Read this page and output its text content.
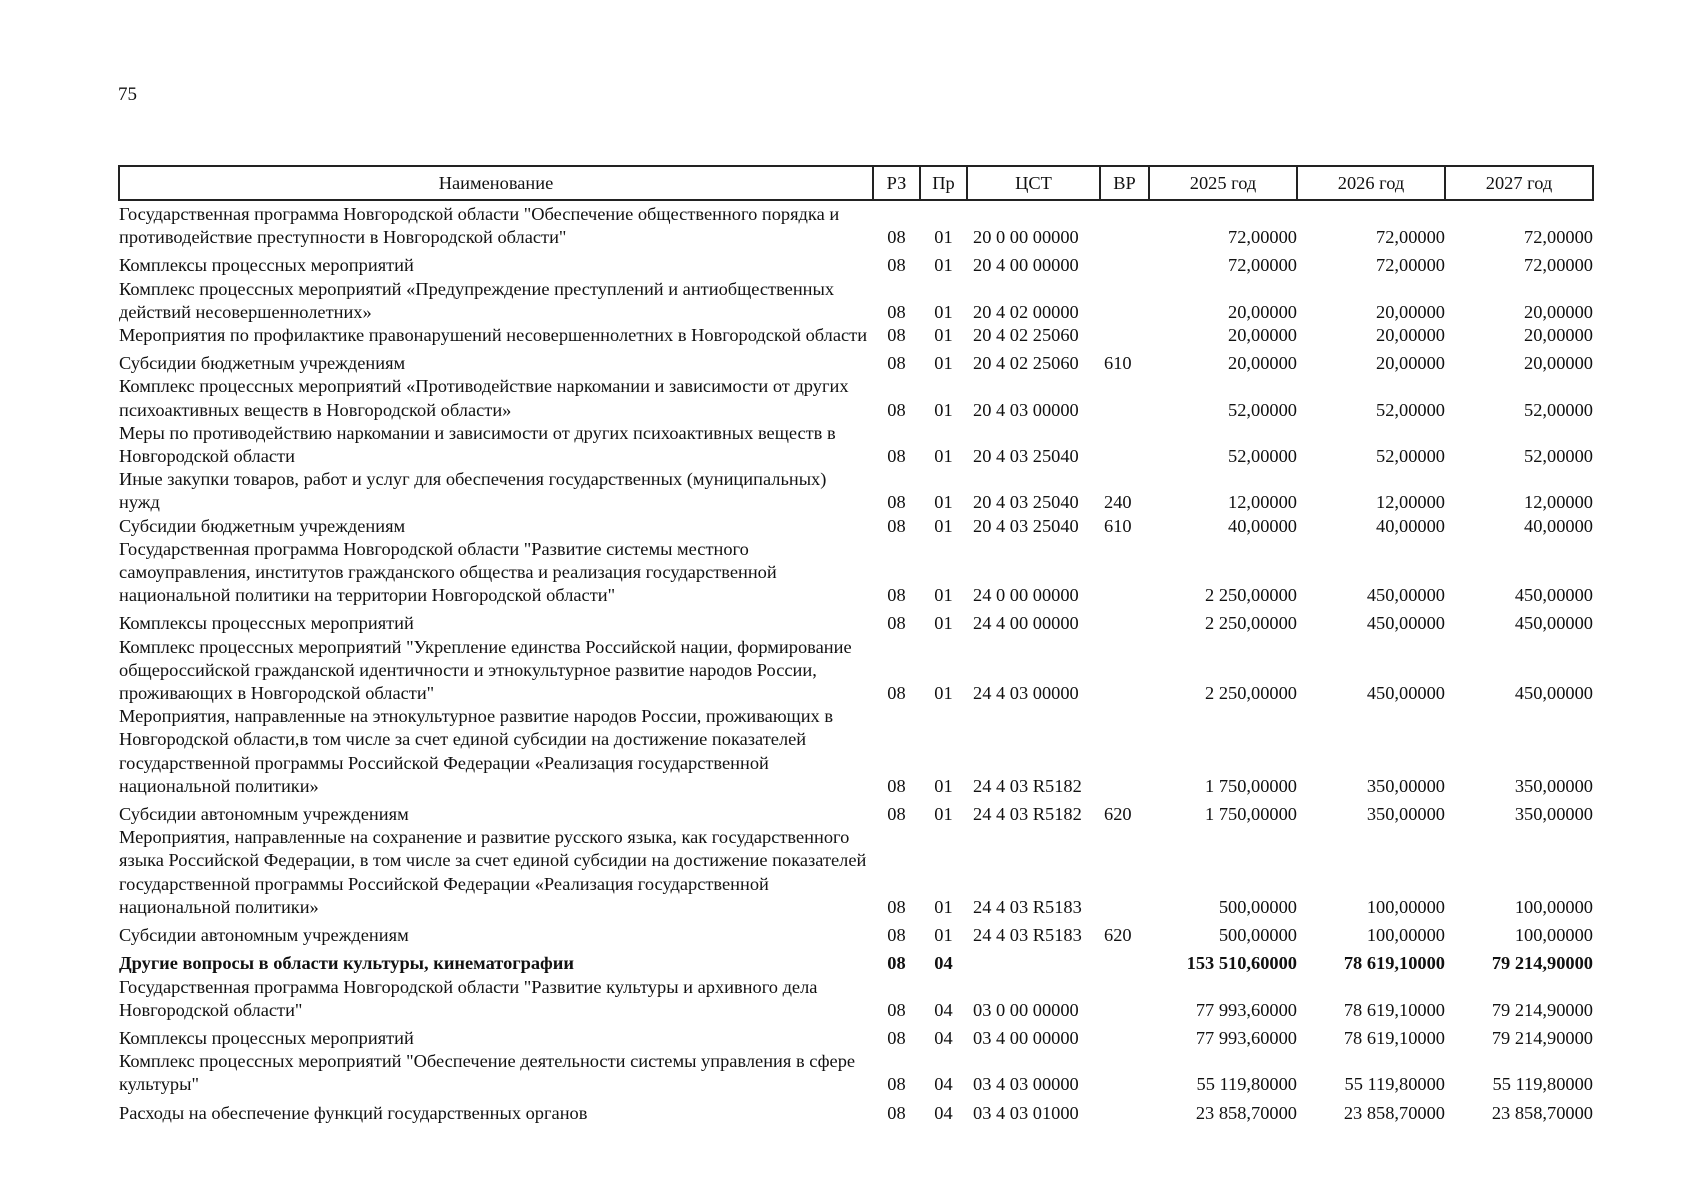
75
Наименование	РЗ	Пр	ЦСТ	ВР	2025 год	2026 год	2027 год
Государственная программа Новгородской области "Обеспечение общественного порядка и противодействие преступности в Новгородской области"	08	01	20 0 00 00000		72,00000	72,00000	72,00000
Комплексы процессных мероприятий	08	01	20 4 00 00000		72,00000	72,00000	72,00000
Комплекс процессных мероприятий «Предупреждение преступлений и антиобщественных действий несовершеннолетних»	08	01	20 4 02 00000		20,00000	20,00000	20,00000
Мероприятия по профилактике правонарушений несовершеннолетних в Новгородской области	08	01	20 4 02 25060		20,00000	20,00000	20,00000
Субсидии бюджетным учреждениям	08	01	20 4 02 25060	610	20,00000	20,00000	20,00000
Комплекс процессных мероприятий «Противодействие наркомании и зависимости от других психоактивных веществ в Новгородской области»	08	01	20 4 03 00000		52,00000	52,00000	52,00000
Меры по противодействию наркомании и зависимости от других психоактивных веществ в Новгородской области	08	01	20 4 03 25040		52,00000	52,00000	52,00000
Иные закупки товаров, работ и услуг для обеспечения государственных (муниципальных) нужд	08	01	20 4 03 25040	240	12,00000	12,00000	12,00000
Субсидии бюджетным учреждениям	08	01	20 4 03 25040	610	40,00000	40,00000	40,00000
Государственная программа Новгородской области "Развитие системы местного самоуправления, институтов гражданского общества и реализация государственной национальной политики на территории Новгородской области"	08	01	24 0 00 00000		2 250,00000	450,00000	450,00000
Комплексы процессных мероприятий	08	01	24 4 00 00000		2 250,00000	450,00000	450,00000
Комплекс процессных мероприятий "Укрепление единства Российской нации, формирование общероссийской гражданской идентичности и этнокультурное развитие народов России, проживающих в Новгородской области"	08	01	24 4 03 00000		2 250,00000	450,00000	450,00000
Мероприятия, направленные на этнокультурное развитие народов России, проживающих в Новгородской области,в том числе за счет единой субсидии на достижение показателей государственной программы Российской Федерации «Реализация государственной национальной политики»	08	01	24 4 03 R5182		1 750,00000	350,00000	350,00000
Субсидии автономным учреждениям	08	01	24 4 03 R5182	620	1 750,00000	350,00000	350,00000
Мероприятия, направленные на сохранение и развитие русского языка, как государственного языка Российской Федерации, в том числе за счет единой субсидии на достижение показателей государственной программы Российской Федерации «Реализация государственной национальной политики»	08	01	24 4 03 R5183		500,00000	100,00000	100,00000
Субсидии автономным учреждениям	08	01	24 4 03 R5183	620	500,00000	100,00000	100,00000
Другие вопросы в области культуры, кинематографии	08	04			153 510,60000	78 619,10000	79 214,90000
Государственная программа Новгородской области "Развитие культуры и архивного дела Новгородской области"	08	04	03 0 00 00000		77 993,60000	78 619,10000	79 214,90000
Комплексы процессных мероприятий	08	04	03 4 00 00000		77 993,60000	78 619,10000	79 214,90000
Комплекс процессных мероприятий "Обеспечение деятельности системы управления в сфере культуры"	08	04	03 4 03 00000		55 119,80000	55 119,80000	55 119,80000
Расходы на обеспечение функций государственных органов	08	04	03 4 03 01000		23 858,70000	23 858,70000	23 858,70000
